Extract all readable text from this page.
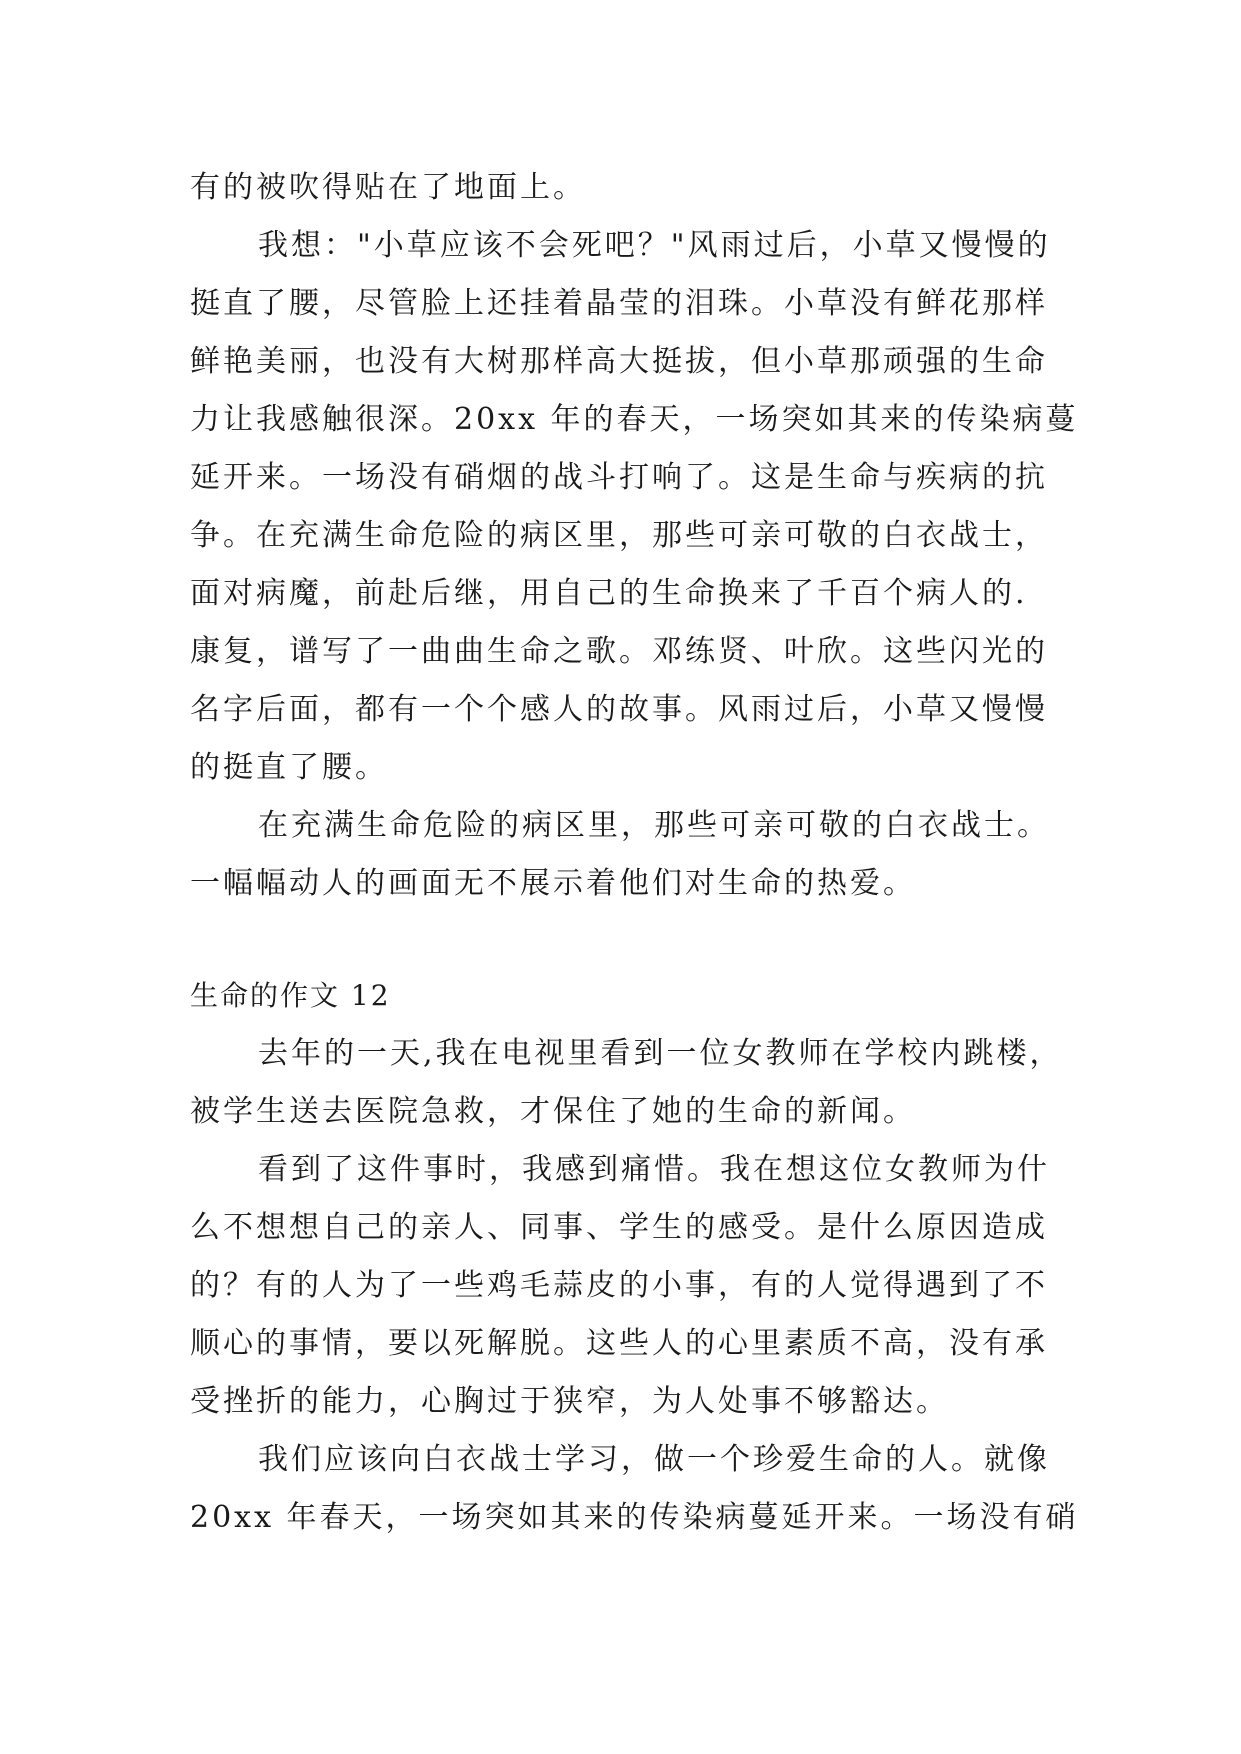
有的被吹得贴在了地面上。
我想："小草应该不会死吧？"风雨过后，小草又慢慢的
挺直了腰，尽管脸上还挂着晶莹的泪珠。小草没有鲜花那样
鲜艳美丽，也没有大树那样高大挺拔，但小草那顽强的生命
力让我感触很深。20xx 年的春天，一场突如其来的传染病蔓
延开来。一场没有硝烟的战斗打响了。这是生命与疾病的抗
争。在充满生命危险的病区里，那些可亲可敬的白衣战士，
面对病魔，前赴后继，用自己的生命换来了千百个病人的.
康复，谱写了一曲曲生命之歌。邓练贤、叶欣。这些闪光的
名字后面，都有一个个感人的故事。风雨过后，小草又慢慢
的挺直了腰。
在充满生命危险的病区里，那些可亲可敬的白衣战士。
一幅幅动人的画面无不展示着他们对生命的热爱。
生命的作文 12
去年的一天,我在电视里看到一位女教师在学校内跳楼，
被学生送去医院急救，才保住了她的生命的新闻。
看到了这件事时，我感到痛惜。我在想这位女教师为什
么不想想自己的亲人、同事、学生的感受。是什么原因造成
的？有的人为了一些鸡毛蒜皮的小事，有的人觉得遇到了不
顺心的事情，要以死解脱。这些人的心里素质不高，没有承
受挫折的能力，心胸过于狭窄，为人处事不够豁达。
我们应该向白衣战士学习，做一个珍爱生命的人。就像
20xx 年春天，一场突如其来的传染病蔓延开来。一场没有硝
